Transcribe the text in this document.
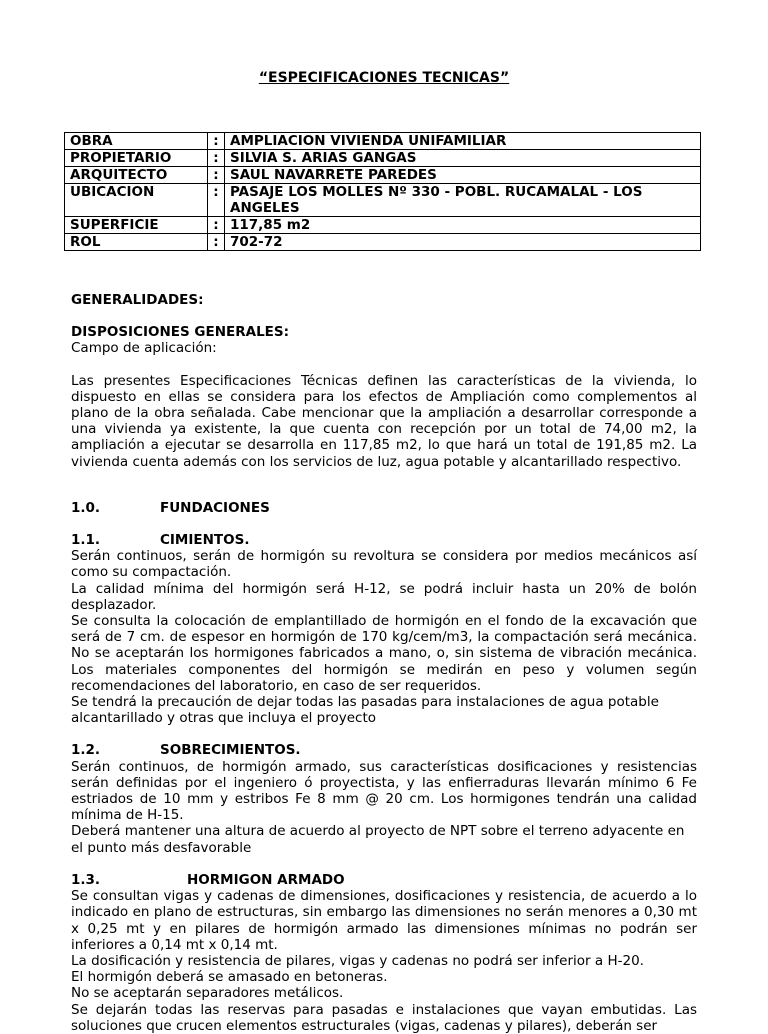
“ESPECIFICACIONES TECNICAS”
OBRA	:	AMPLIACION VIVIENDA UNIFAMILIAR
PROPIETARIO	:	SILVIA S. ARIAS GANGAS
ARQUITECTO	:	SAUL NAVARRETE PAREDES
UBICACION	:	PASAJE LOS MOLLES Nº 330 - POBL. RUCAMALAL - LOS ANGELES
SUPERFICIE	:	117,85 m2
ROL	:	702-72

GENERALIDADES:

DISPOSICIONES GENERALES:

Campo de aplicación:

Las presentes Especificaciones Técnicas definen las características de la vivienda, lo dispuesto en ellas se considera para los efectos de Ampliación como complementos al plano de la obra señalada. Cabe mencionar que la ampliación a desarrollar corresponde a una vivienda ya existente, la que cuenta con recepción por un total de 74,00 m2, la ampliación a ejecutar se desarrolla en 117,85 m2, lo que hará un total de 191,85 m2. La vivienda cuenta además con los servicios de luz, agua potable y alcantarillado respectivo.

1.0.	FUNDACIONES
1.1.	CIMIENTOS.

Serán continuos, serán de hormigón su revoltura se considera por medios mecánicos así como su compactación.

La calidad mínima del hormigón será H-12, se podrá incluir hasta un 20% de bolón desplazador.

Se consulta la colocación de emplantillado de hormigón en el fondo de la excavación que será de 7 cm. de espesor en hormigón de 170 kg/cem/m3, la compactación será mecánica. No se aceptarán los hormigones fabricados a mano, o, sin sistema de vibración mecánica. Los materiales componentes del hormigón se medirán en peso y volumen según recomendaciones del laboratorio, en caso de ser requeridos.

Se tendrá la precaución de dejar todas las pasadas para instalaciones de agua potable alcantarillado y otras que incluya el proyecto

1.2.	SOBRECIMIENTOS.

Serán continuos, de hormigón armado, sus características dosificaciones y resistencias serán definidas por el ingeniero ó proyectista, y las enfierraduras llevarán mínimo 6 Fe estriados de 10 mm y estribos Fe 8 mm @ 20 cm. Los hormigones tendrán una calidad mínima de H-15.

Deberá mantener una altura de acuerdo al proyecto de NPT sobre el terreno adyacente en el punto más desfavorable

1.3.	HORMIGON ARMADO

Se consultan vigas y cadenas de dimensiones, dosificaciones y resistencia, de acuerdo a lo indicado en plano de estructuras, sin embargo las dimensiones no serán menores a 0,30 mt x 0,25 mt y en pilares de hormigón armado las dimensiones mínimas no podrán ser inferiores a 0,14 mt x 0,14 mt.

La dosificación y resistencia de pilares, vigas y cadenas no podrá ser inferior a H-20.

El hormigón deberá se amasado en betoneras.

No se aceptarán separadores metálicos.

Se dejarán todas las reservas para pasadas e instalaciones que vayan embutidas. Las soluciones que crucen elementos estructurales (vigas, cadenas y pilares), deberán ser
